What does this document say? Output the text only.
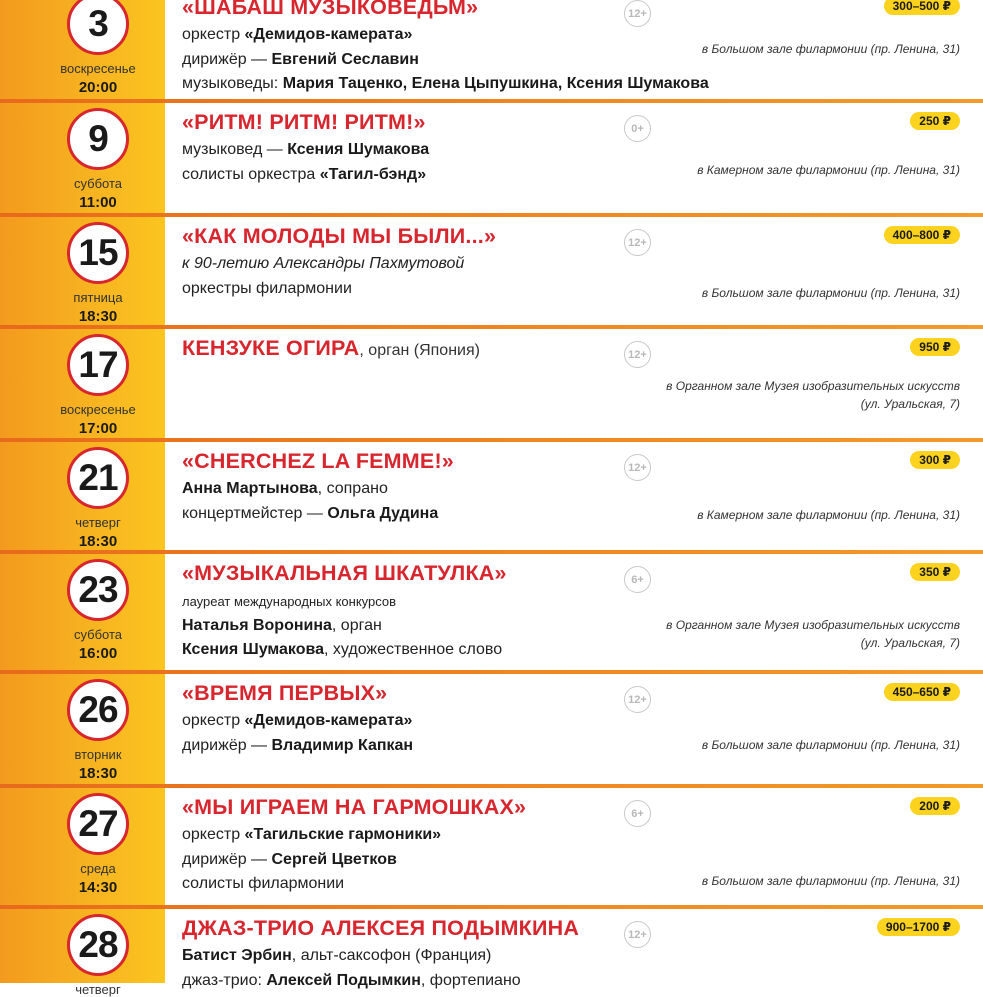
3
воскресенье
20:00
«ШАБАШ МУЗЫКОВЕДЬМ»
оркестр «Демидов-камерата»
дирижёр — Евгений Сеславин
музыковеды: Мария Таценко, Елена Цыпушкина, Ксения Шумакова
12+
300–500 ₽
в Большом зале филармонии (пр. Ленина, 31)
9
суббота
11:00
«РИТМ! РИТМ! РИТМ!»
музыковед — Ксения Шумакова
солисты оркестра «Тагил-бэнд»
0+
250 ₽
в Камерном зале филармонии (пр. Ленина, 31)
15
пятница
18:30
«КАК МОЛОДЫ МЫ БЫЛИ...»
к 90-летию Александры Пахмутовой
оркестры филармонии
12+
400–800 ₽
в Большом зале филармонии (пр. Ленина, 31)
17
воскресенье
17:00
КЕНЗУКЕ ОГИРА, орган (Япония)	12+
950 ₽
в Органном зале Музея изобразительных искусств
(ул. Уральская, 7)
21
четверг
18:30
«CHERCHEZ LA FEMME!»
Анна Мартынова, сопрано
концертмейстер — Ольга Дудина
12+
300 ₽
в Камерном зале филармонии (пр. Ленина, 31)
23
суббота
16:00
«МУЗЫКАЛЬНАЯ ШКАТУЛКА»
лауреат международных конкурсов
Наталья Воронина, орган
Ксения Шумакова, художественное слово
6+
350 ₽
в Органном зале Музея изобразительных искусств
(ул. Уральская, 7)
26
вторник
18:30
«ВРЕМЯ ПЕРВЫХ»
оркестр «Демидов-камерата»
дирижёр — Владимир Капкан
12+
450–650 ₽
в Большом зале филармонии (пр. Ленина, 31)
27
среда
14:30
«МЫ ИГРАЕМ НА ГАРМОШКАХ»
оркестр «Тагильские гармоники»
дирижёр — Сергей Цветков
солисты филармонии
6+
200 ₽
в Большом зале филармонии (пр. Ленина, 31)
28
четверг
ДЖАЗ-ТРИО АЛЕКСЕЯ ПОДЫМКИНА
Батист Эрбин, альт-саксофон (Франция)
джаз-трио: Алексей Подымкин, фортепиано
12+
900–1700 ₽
